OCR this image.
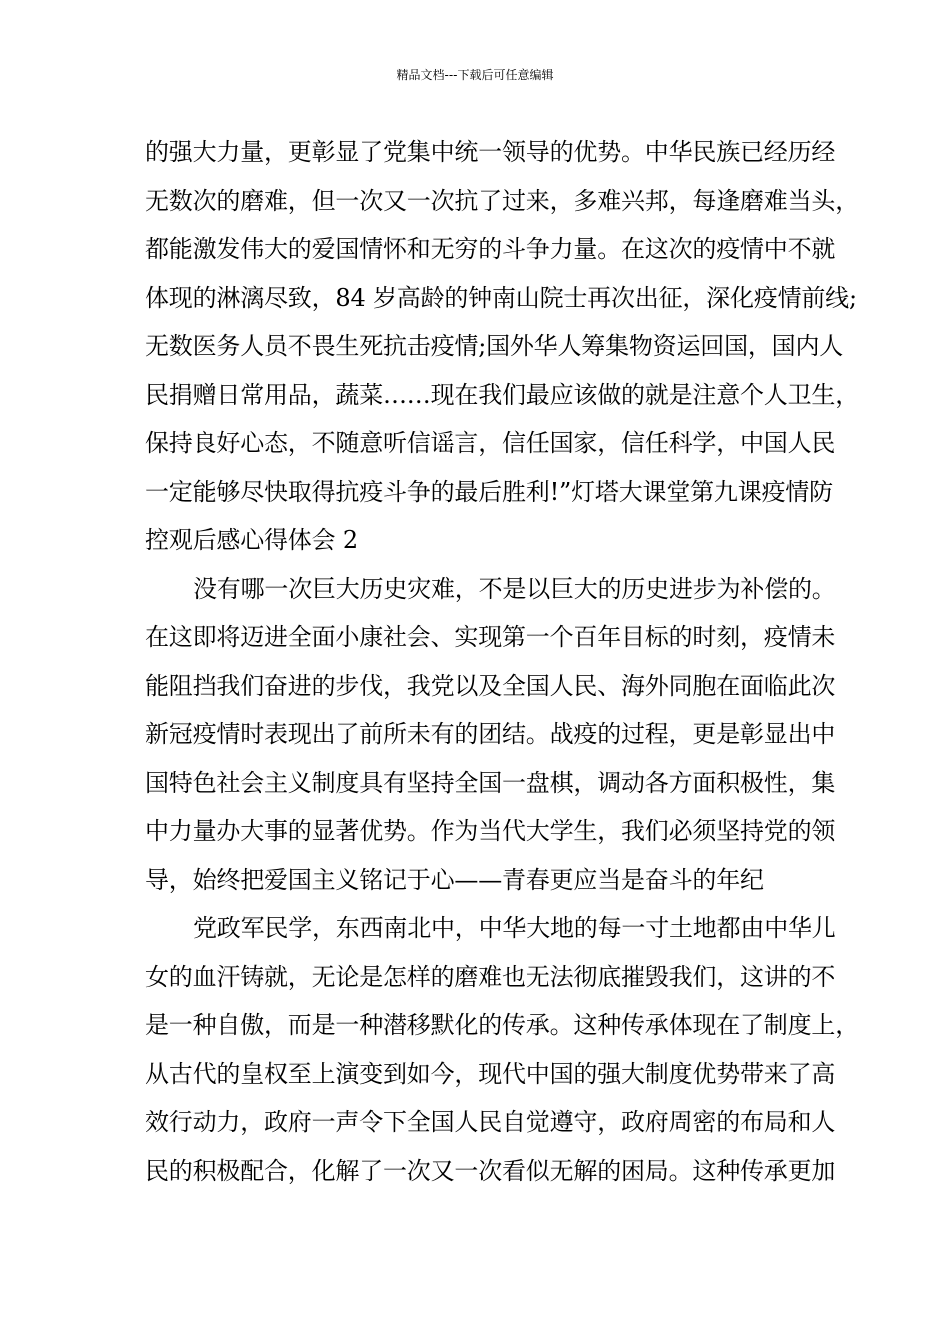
精品文档---下载后可任意编辑
的强大力量，更彰显了党集中统一领导的优势。中华民族已经历经
无数次的磨难，但一次又一次抗了过来，多难兴邦，每逢磨难当头，
都能激发伟大的爱国情怀和无穷的斗争力量。在这次的疫情中不就
体现的淋漓尽致，84 岁高龄的钟南山院士再次出征，深化疫情前线;
无数医务人员不畏生死抗击疫情;国外华人筹集物资运回国，国内人
民捐赠日常用品，蔬菜……现在我们最应该做的就是注意个人卫生，
保持良好心态，不随意听信谣言，信任国家，信任科学，中国人民
一定能够尽快取得抗疫斗争的最后胜利!”灯塔大课堂第九课疫情防
控观后感心得体会 2
没有哪一次巨大历史灾难，不是以巨大的历史进步为补偿的。
在这即将迈进全面小康社会、实现第一个百年目标的时刻，疫情未
能阻挡我们奋进的步伐，我党以及全国人民、海外同胞在面临此次
新冠疫情时表现出了前所未有的团结。战疫的过程，更是彰显出中
国特色社会主义制度具有坚持全国一盘棋，调动各方面积极性，集
中力量办大事的显著优势。作为当代大学生，我们必须坚持党的领
导，始终把爱国主义铭记于心——青春更应当是奋斗的年纪
党政军民学，东西南北中，中华大地的每一寸土地都由中华儿
女的血汗铸就，无论是怎样的磨难也无法彻底摧毁我们，这讲的不
是一种自傲，而是一种潜移默化的传承。这种传承体现在了制度上，
从古代的皇权至上演变到如今，现代中国的强大制度优势带来了高
效行动力，政府一声令下全国人民自觉遵守，政府周密的布局和人
民的积极配合，化解了一次又一次看似无解的困局。这种传承更加
